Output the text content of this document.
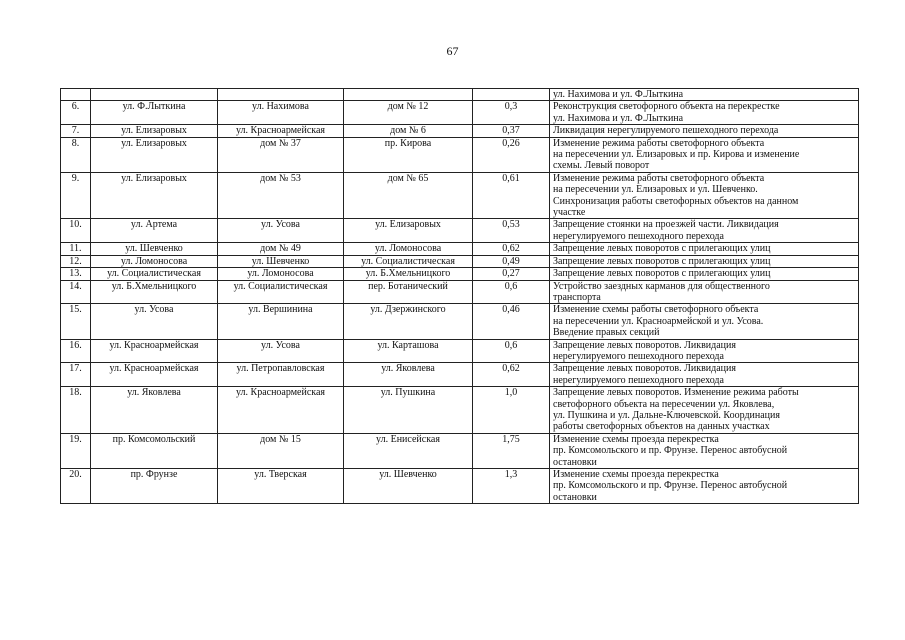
67
					ул. Нахимова и ул. Ф.Лыткина
6.	ул. Ф.Лыткина	ул. Нахимова	дом № 12	0,3	Реконструкция светофорного объекта на перекрестке
ул. Нахимова и ул. Ф.Лыткина
7.	ул. Елизаровых	ул. Красноармейская	дом № 6	0,37	Ликвидация нерегулируемого пешеходного перехода
8.	ул. Елизаровых	дом № 37	пр. Кирова	0,26	Изменение режима работы светофорного объекта
на пересечении ул. Елизаровых и пр. Кирова и изменение
схемы. Левый поворот
9.	ул. Елизаровых	дом № 53	дом № 65	0,61	Изменение режима работы светофорного объекта
на пересечении ул. Елизаровых и ул. Шевченко.
Синхронизация работы светофорных объектов на данном
участке
10.	ул. Артема	ул. Усова	ул. Елизаровых	0,53	Запрещение стоянки на проезжей части. Ликвидация
нерегулируемого пешеходного перехода
11.	ул. Шевченко	дом № 49	ул. Ломоносова	0,62	Запрещение левых поворотов с прилегающих улиц
12.	ул. Ломоносова	ул. Шевченко	ул. Социалистическая	0,49	Запрещение левых поворотов с прилегающих улиц
13.	ул. Социалистическая	ул. Ломоносова	ул. Б.Хмельницкого	0,27	Запрещение левых поворотов с прилегающих улиц
14.	ул. Б.Хмельницкого	ул. Социалистическая	пер. Ботанический	0,6	Устройство заездных карманов для общественного
транспорта
15.	ул. Усова	ул. Вершинина	ул. Дзержинского	0,46	Изменение схемы работы светофорного объекта
на пересечении ул. Красноармейской и ул. Усова.
Введение правых секций
16.	ул. Красноармейская	ул. Усова	ул. Карташова	0,6	Запрещение левых поворотов. Ликвидация
нерегулируемого пешеходного перехода
17.	ул. Красноармейская	ул. Петропавловская	ул. Яковлева	0,62	Запрещение левых поворотов. Ликвидация
нерегулируемого пешеходного перехода
18.	ул. Яковлева	ул. Красноармейская	ул. Пушкина	1,0	Запрещение левых поворотов. Изменение режима работы
светофорного объекта на пересечении ул. Яковлева,
ул. Пушкина и ул. Дальне-Ключевской. Координация
работы светофорных объектов на данных участках
19.	пр. Комсомольский	дом № 15	ул. Енисейская	1,75	Изменение схемы проезда перекрестка
пр. Комсомольского и пр. Фрунзе. Перенос автобусной
остановки
20.	пр. Фрунзе	ул. Тверская	ул. Шевченко	1,3	Изменение схемы проезда перекрестка
пр. Комсомольского и пр. Фрунзе. Перенос автобусной
остановки
